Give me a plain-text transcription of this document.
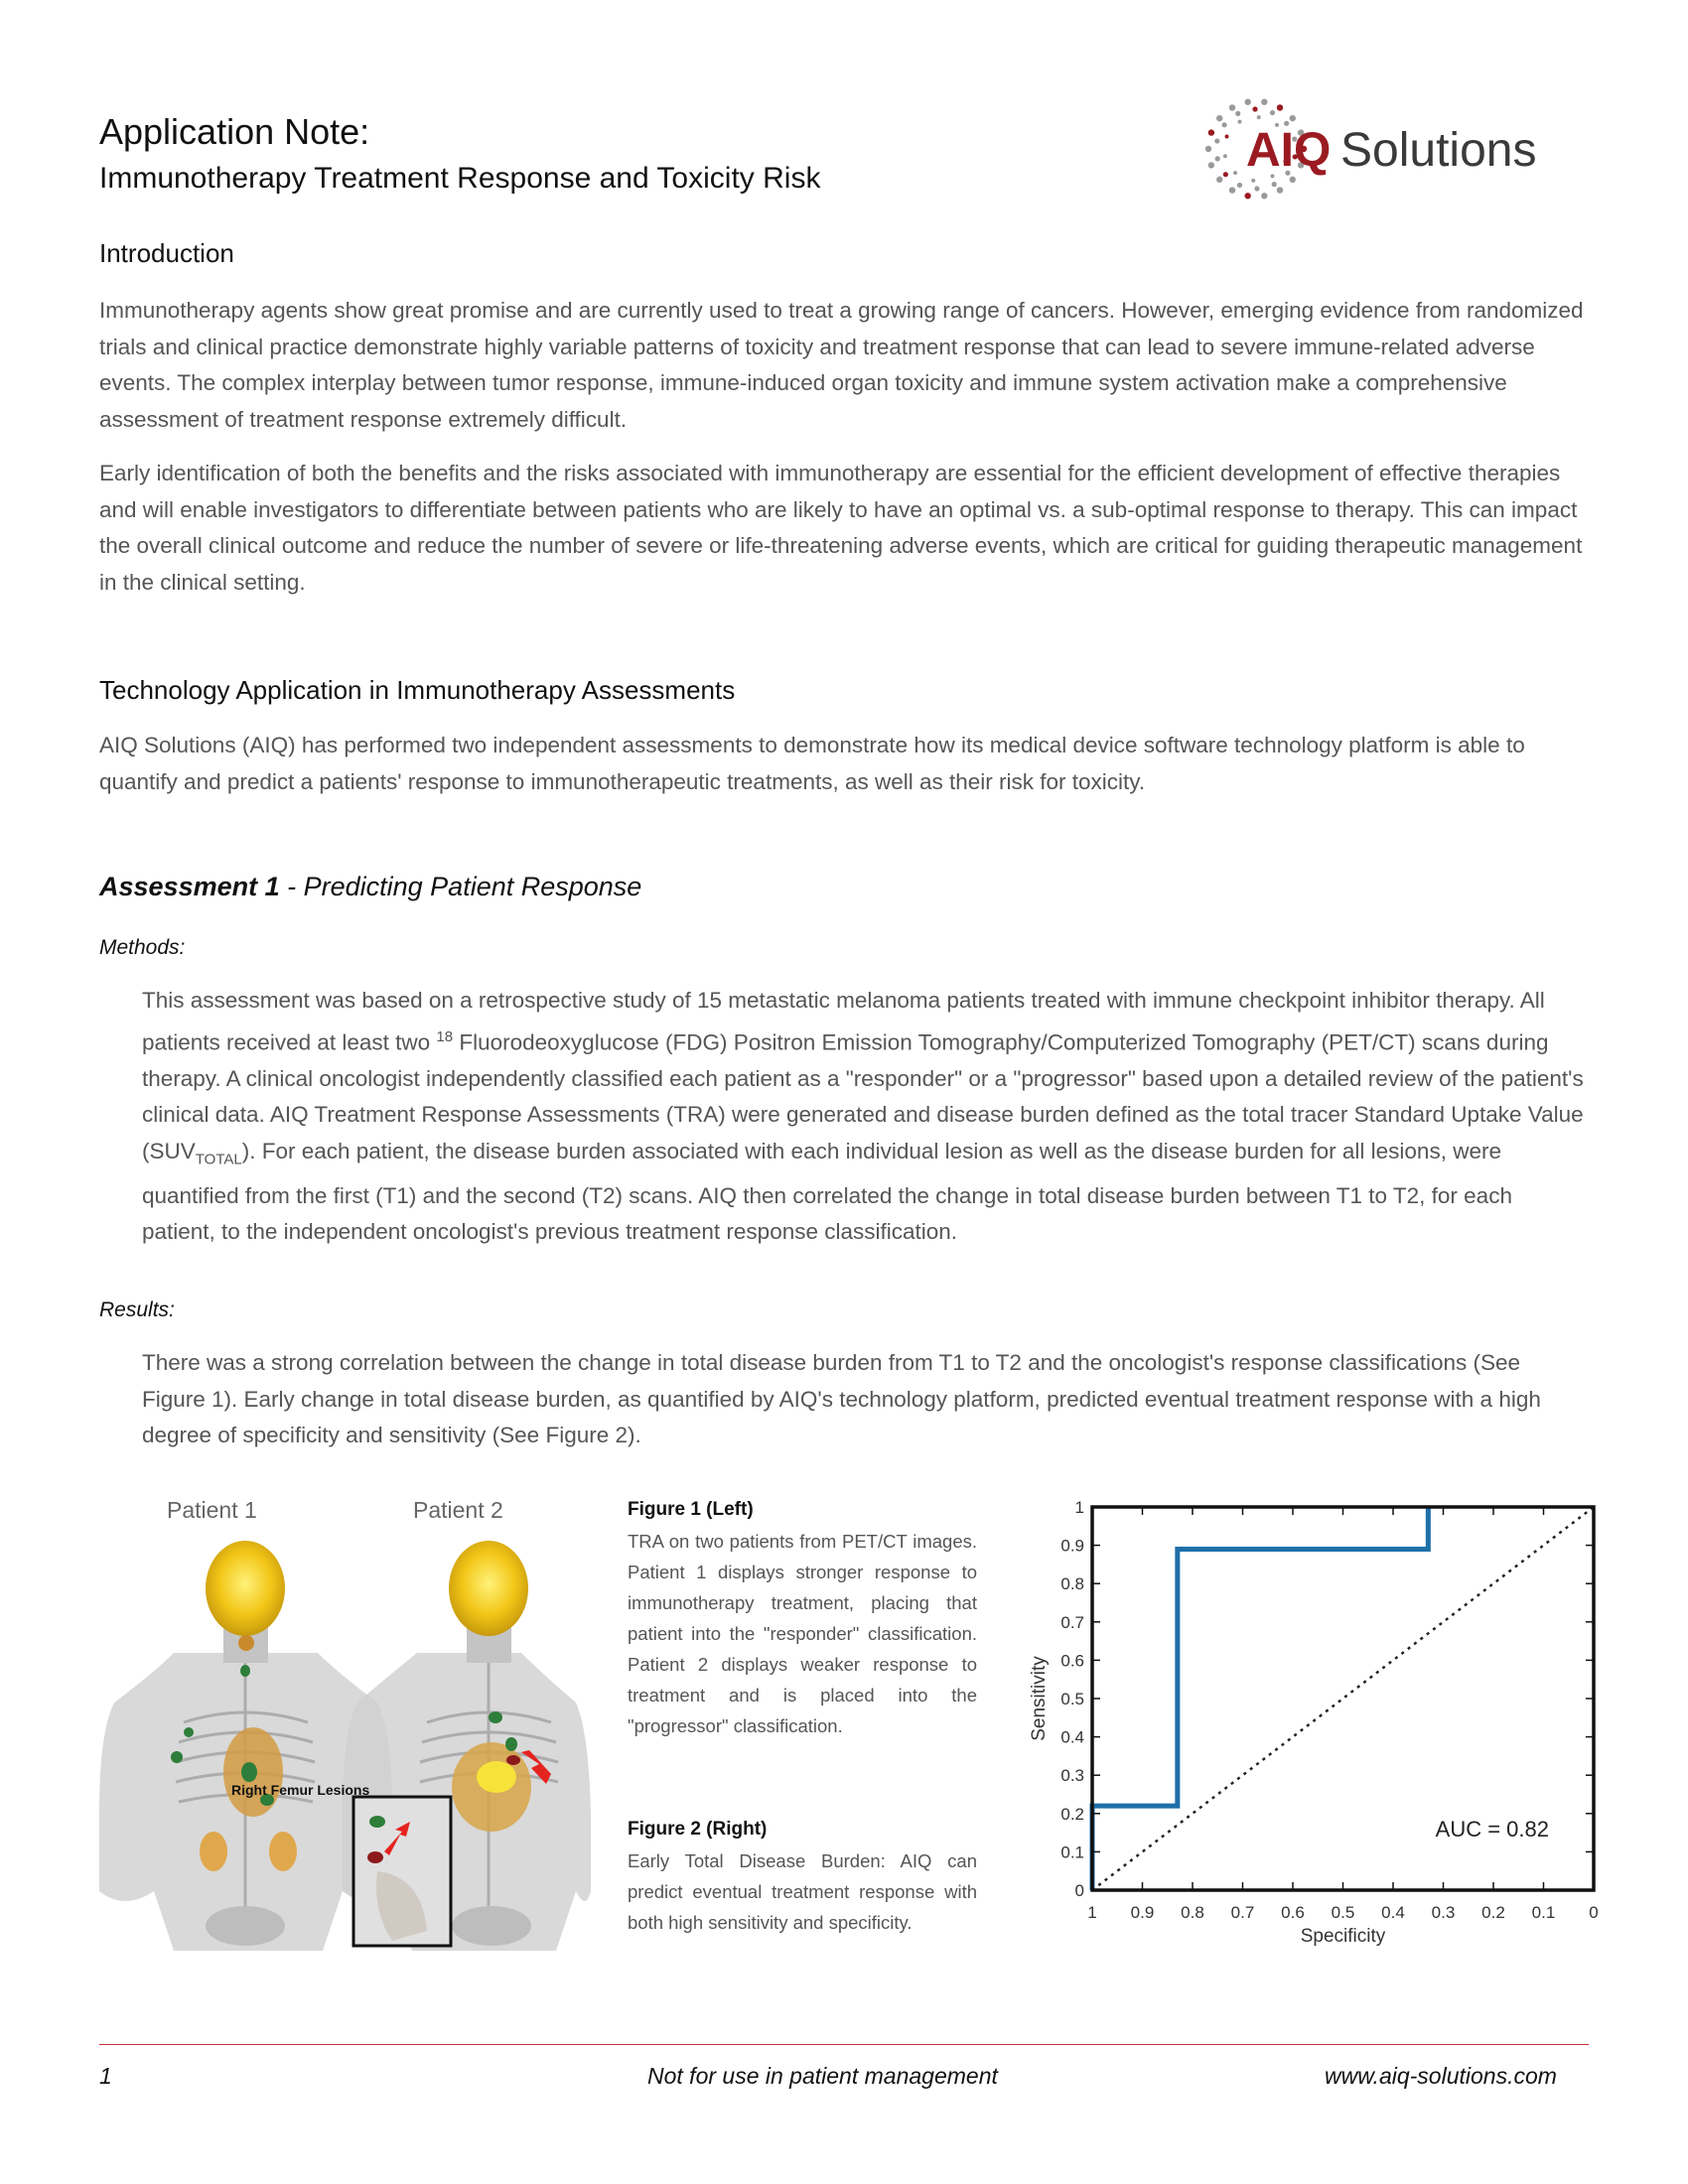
Application Note:
Immunotherapy Treatment Response and Toxicity Risk
AIQ Solutions
Introduction

Immunotherapy agents show great promise and are currently used to treat a growing range of cancers. However, emerging evidence from randomized trials and clinical practice demonstrate highly variable patterns of toxicity and treatment response that can lead to severe immune-related adverse events. The complex interplay between tumor response, immune-induced organ toxicity and immune system activation make a comprehensive assessment of treatment response extremely difficult.

Early identification of both the benefits and the risks associated with immunotherapy are essential for the efficient development of effective therapies and will enable investigators to differentiate between patients who are likely to have an optimal vs. a sub-optimal response to therapy. This can impact the overall clinical outcome and reduce the number of severe or life-threatening adverse events, which are critical for guiding therapeutic management in the clinical setting.

Technology Application in Immunotherapy Assessments

AIQ Solutions (AIQ) has performed two independent assessments to demonstrate how its medical device software technology platform is able to quantify and predict a patients' response to immunotherapeutic treatments, as well as their risk for toxicity.

Assessment 1 - Predicting Patient Response
Methods:

This assessment was based on a retrospective study of 15 metastatic melanoma patients treated with immune checkpoint inhibitor therapy. All patients received at least two $^{18}$ Fluorodeoxyglucose (FDG) Positron Emission Tomography/Computerized Tomography (PET/CT) scans during therapy. A clinical oncologist independently classified each patient as a "responder" or a "progressor" based upon a detailed review of the patient's clinical data. AIQ Treatment Response Assessments (TRA) were generated and disease burden defined as the total tracer Standard Uptake Value $(SUV_{TOTAL})$. For each patient, the disease burden associated with each individual lesion as well as the disease burden for all lesions, were quantified from the first (T1) and the second (T2) scans. AIQ then correlated the change in total disease burden between T1 to T2, for each patient, to the independent oncologist's previous treatment response classification.

Results:

There was a strong correlation between the change in total disease burden from T1 to T2 and the oncologist's response classifications (See Figure 1). Early change in total disease burden, as quantified by AIQ's technology platform, predicted eventual treatment response with a high degree of specificity and sensitivity (See Figure 2).

Patient 1	Patient 2
Right Femur Lesions
Figure 1 (Left)
TRA on two patients from PET/CT images. Patient 1 displays stronger response to immunotherapy treatment, placing that patient into the "responder" classification. Patient 2 displays weaker response to treatment and is placed into the "progressor" classification.
Figure 2 (Right)
Early Total Disease Burden: AIQ can predict eventual treatment response with both high sensitivity and specificity.
0
0.1
0.2
0.3
0.4
0.5
0.6
0.7
0.8
0.9
1
1 0.9 0.8 0.7 0.6 0.5 0.4 0.3 0.2 0.1 0
Specificity
Sensitivity
AUC = 0.82
1	Not for use in patient management	www.aiq-solutions.com
